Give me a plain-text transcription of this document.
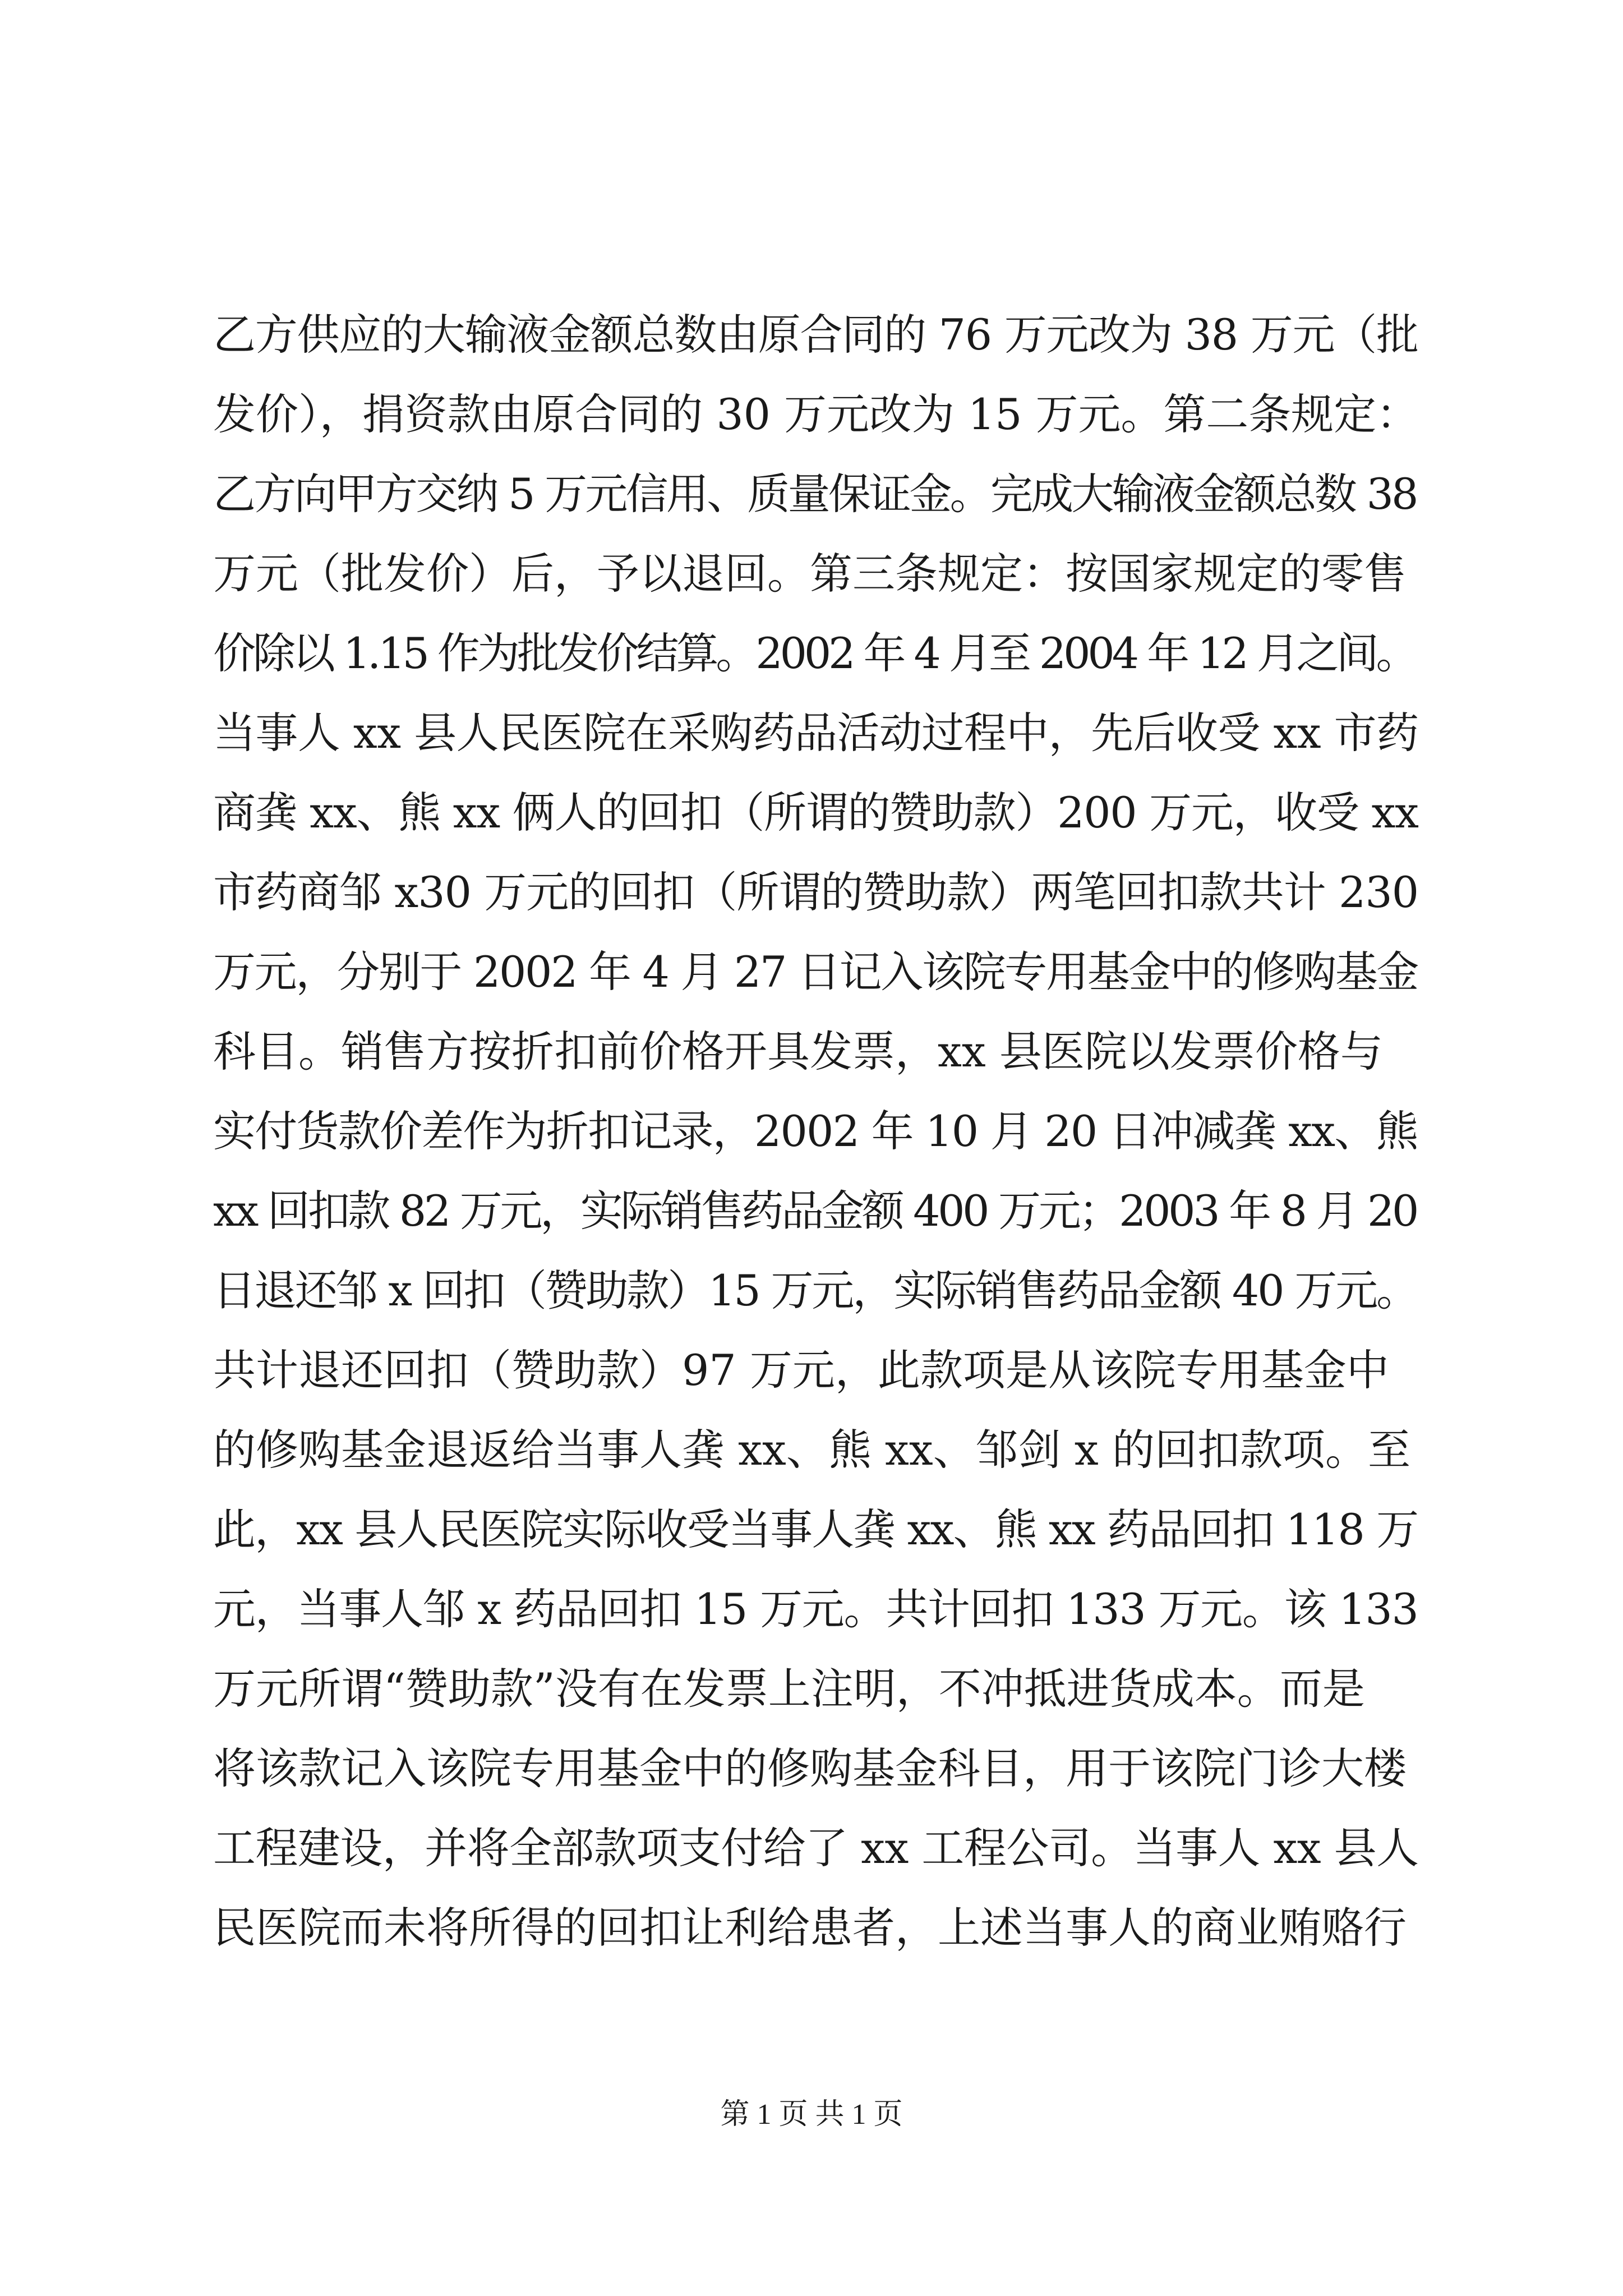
乙方供应的大输液金额总数由原合同的 76 万元改为 38 万元（批
发价），捐资款由原合同的 30 万元改为 15 万元。第二条规定：
乙方向甲方交纳 5 万元信用、质量保证金。完成大输液金额总数 38
万元（批发价）后，予以退回。第三条规定：按国家规定的零售
价除以 1.15 作为批发价结算。2002 年 4 月至 2004 年 12 月之间。
当事人 xx 县人民医院在采购药品活动过程中，先后收受 xx 市药
商龚 xx、熊 xx 俩人的回扣（所谓的赞助款）200 万元，收受 xx
市药商邹 x30 万元的回扣（所谓的赞助款）两笔回扣款共计 230
万元，分别于 2002 年 4 月 27 日记入该院专用基金中的修购基金
科目。销售方按折扣前价格开具发票，xx 县医院以发票价格与
实付货款价差作为折扣记录，2002 年 10 月 20 日冲减龚 xx、熊
xx 回扣款 82 万元，实际销售药品金额 400 万元；2003 年 8 月 20
日退还邹 x 回扣（赞助款）15 万元，实际销售药品金额 40 万元。
共计退还回扣（赞助款）97 万元，此款项是从该院专用基金中
的修购基金退返给当事人龚 xx、熊 xx、邹剑 x 的回扣款项。至
此，xx 县人民医院实际收受当事人龚 xx、熊 xx 药品回扣 118 万
元，当事人邹 x 药品回扣 15 万元。共计回扣 133 万元。该 133
万元所谓“赞助款”没有在发票上注明，不冲抵进货成本。而是
将该款记入该院专用基金中的修购基金科目，用于该院门诊大楼
工程建设，并将全部款项支付给了 xx 工程公司。当事人 xx 县人
民医院而未将所得的回扣让利给患者，上述当事人的商业贿赂行
第 1 页 共 1 页
